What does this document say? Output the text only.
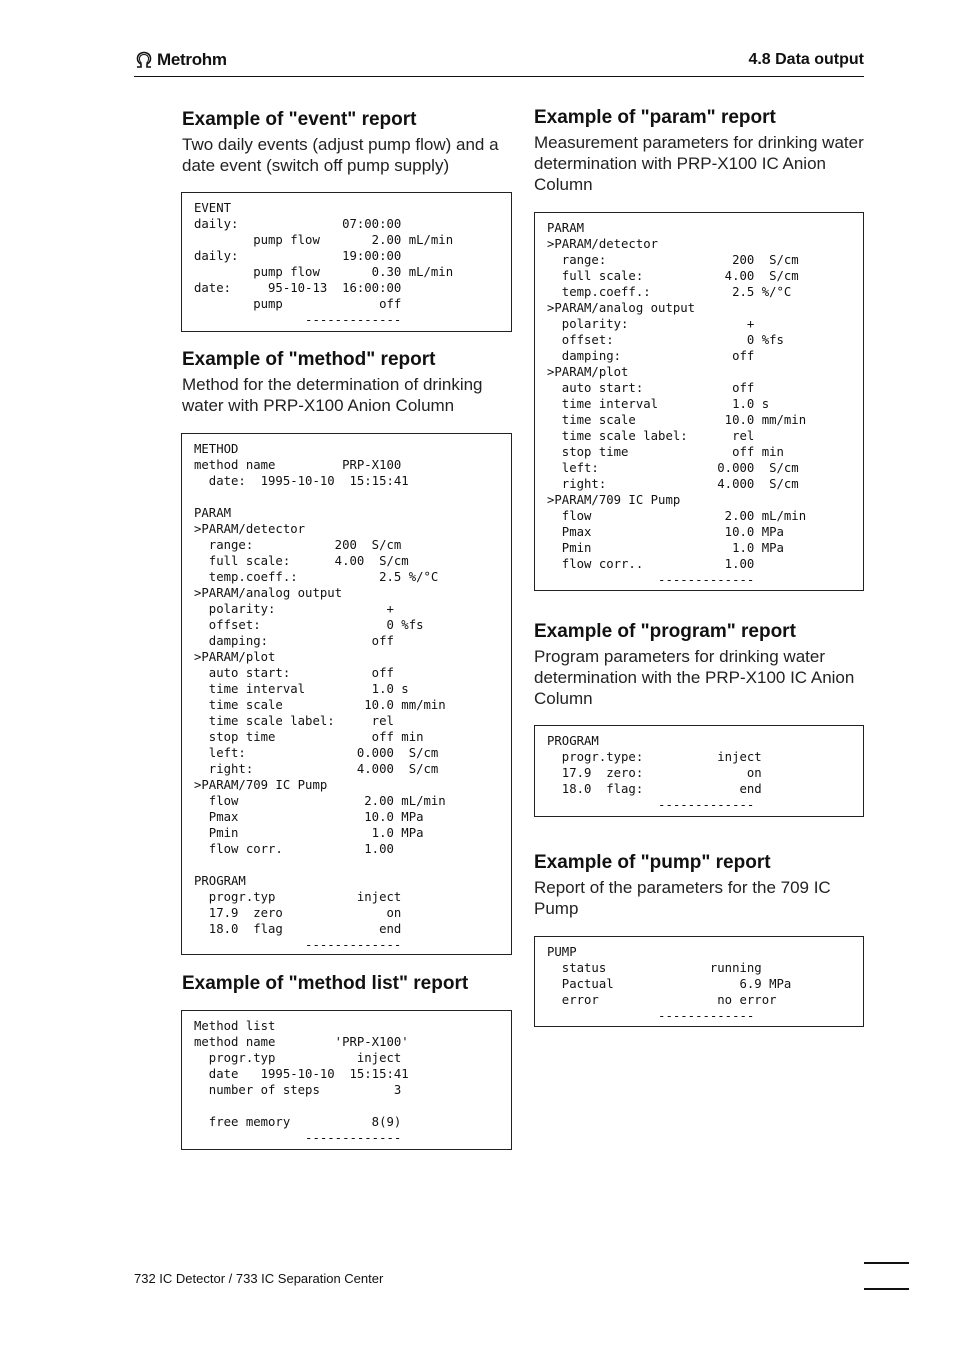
Metrohm	4.8 Data output
Example of "event" report

Two daily events (adjust pump flow) and a date event (switch off pump supply)

EVENT
daily:              07:00:00
pump flow       2.00 mL/min
daily:              19:00:00
pump flow       0.30 mL/min
date:     95-10-13  16:00:00
pump             off
-------------
Example of "method" report

Method for the determination of drinking water with PRP-X100 Anion Column

METHOD
method name         PRP-X100
date:  1995-10-10  15:15:41

PARAM
>PARAM/detector
range:           200  S/cm
full scale:      4.00  S/cm
temp.coeff.:           2.5 %/°C
>PARAM/analog output
polarity:               +
offset:                 0 %fs
damping:              off
>PARAM/plot
auto start:           off
time interval         1.0 s
time scale           10.0 mm/min
time scale label:     rel
stop time             off min
left:               0.000  S/cm
right:              4.000  S/cm
>PARAM/709 IC Pump
flow                 2.00 mL/min
Pmax                 10.0 MPa
Pmin                  1.0 MPa
flow corr.           1.00

PROGRAM
progr.typ           inject
17.9  zero              on
18.0  flag             end
-------------
Example of "method list" report
Method list
method name        'PRP-X100'
progr.typ           inject
date   1995-10-10  15:15:41
number of steps          3

free memory           8(9)
-------------
Example of "param" report

Measurement parameters for drinking water determination with PRP-X100 IC Anion Column

PARAM
>PARAM/detector
range:                 200  S/cm
full scale:           4.00  S/cm
temp.coeff.:           2.5 %/°C
>PARAM/analog output
polarity:                +
offset:                  0 %fs
damping:               off
>PARAM/plot
auto start:            off
time interval          1.0 s
time scale            10.0 mm/min
time scale label:      rel
stop time              off min
left:                0.000  S/cm
right:               4.000  S/cm
>PARAM/709 IC Pump
flow                  2.00 mL/min
Pmax                  10.0 MPa
Pmin                   1.0 MPa
flow corr..           1.00
-------------
Example of "program" report

Program parameters for drinking water determination with the PRP-X100 IC Anion Column

PROGRAM
progr.type:          inject
17.9  zero:              on
18.0  flag:             end
-------------
Example of "pump" report

Report of the parameters for the 709 IC Pump

PUMP
status              running
Pactual                 6.9 MPa
error                no error
-------------
732 IC Detector / 733 IC Separation Center
